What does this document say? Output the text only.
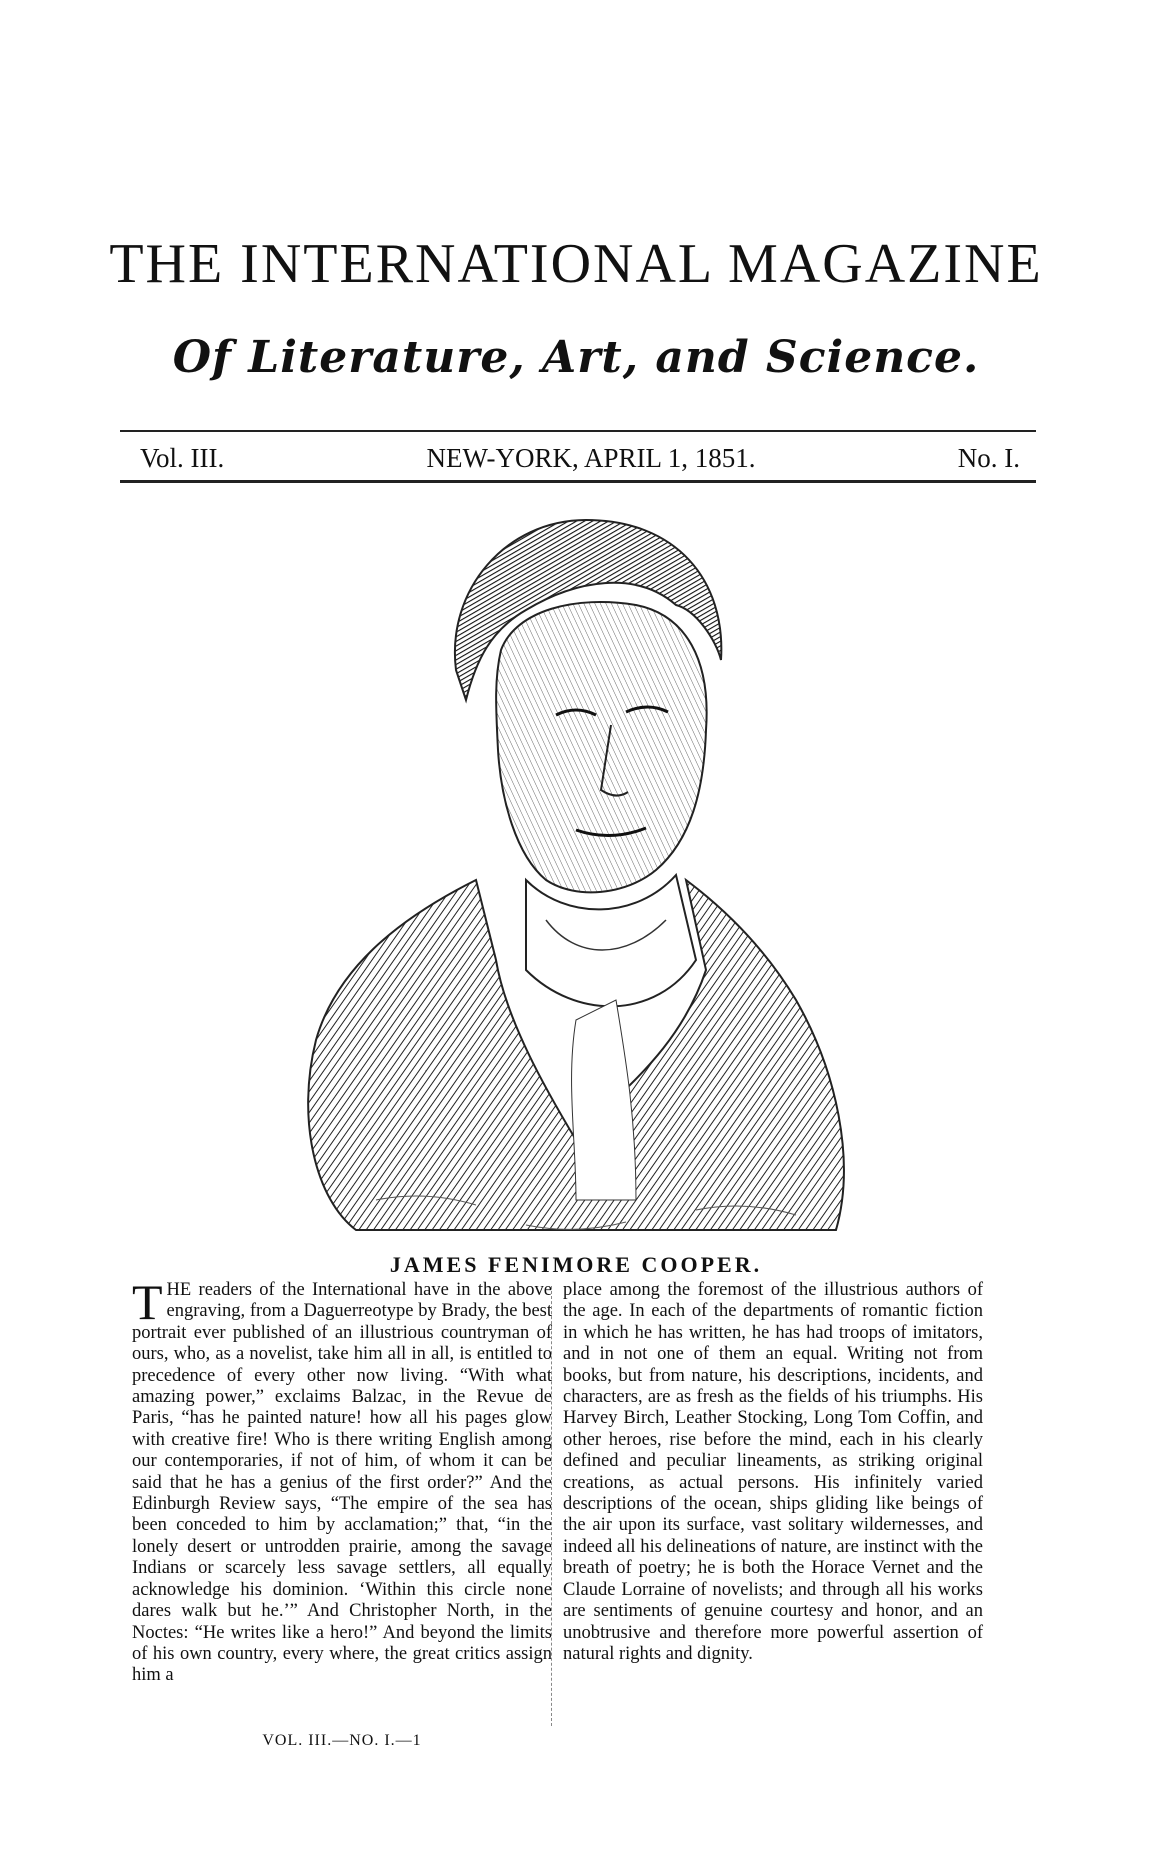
THE INTERNATIONAL MAGAZINE
Of Literature, Art, and Science.
Vol. III.	NEW-YORK, APRIL 1, 1851.	No. I.
JAMES FENIMORE COOPER.

THE readers of the International have in the above engraving, from a Daguerreotype by Brady, the best portrait ever published of an illustrious countryman of ours, who, as a novelist, take him all in all, is entitled to precedence of every other now living. “With what amazing power,” exclaims Balzac, in the Revue de Paris, “has he painted nature! how all his pages glow with creative fire! Who is there writing English among our contemporaries, if not of him, of whom it can be said that he has a genius of the first order?” And the Edinburgh Review says, “The empire of the sea has been conceded to him by acclamation;” that, “in the lonely desert or untrodden prairie, among the savage Indians or scarcely less savage settlers, all equally acknowledge his dominion. ‘Within this circle none dares walk but he.’” And Christopher North, in the Noctes: “He writes like a hero!” And beyond the limits of his own country, every where, the great critics assign him a

place among the foremost of the illustrious authors of the age. In each of the departments of romantic fiction in which he has written, he has had troops of imitators, and in not one of them an equal. Writing not from books, but from nature, his descriptions, incidents, and characters, are as fresh as the fields of his triumphs. His Harvey Birch, Leather Stocking, Long Tom Coffin, and other heroes, rise before the mind, each in his clearly defined and peculiar lineaments, as striking original creations, as actual persons. His infinitely varied descriptions of the ocean, ships gliding like beings of the air upon its surface, vast solitary wildernesses, and indeed all his delineations of nature, are instinct with the breath of poetry; he is both the Horace Vernet and the Claude Lorraine of novelists; and through all his works are sentiments of genuine courtesy and honor, and an unobtrusive and therefore more powerful assertion of natural rights and dignity.

VOL. III.—NO. I.—1
